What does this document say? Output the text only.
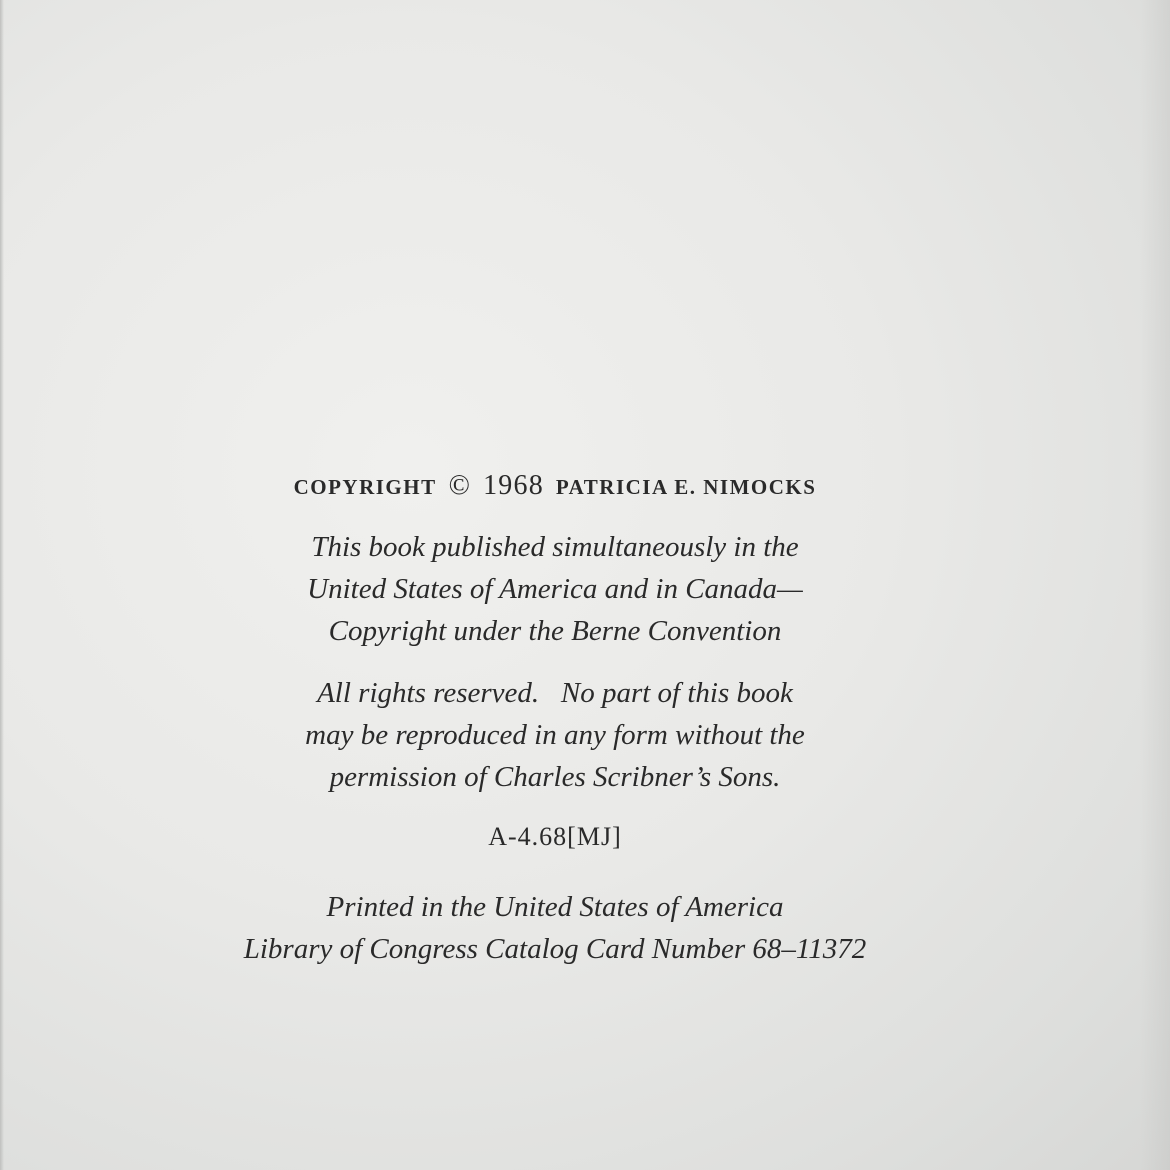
COPYRIGHT © 1968 PATRICIA E. NIMOCKS
This book published simultaneously in the
United States of America and in Canada—
Copyright under the Berne Convention
All rights reserved.   No part of this book
may be reproduced in any form without the
permission of Charles Scribner’s Sons.
A-4.68[MJ]
Printed in the United States of America
Library of Congress Catalog Card Number 68–11372
